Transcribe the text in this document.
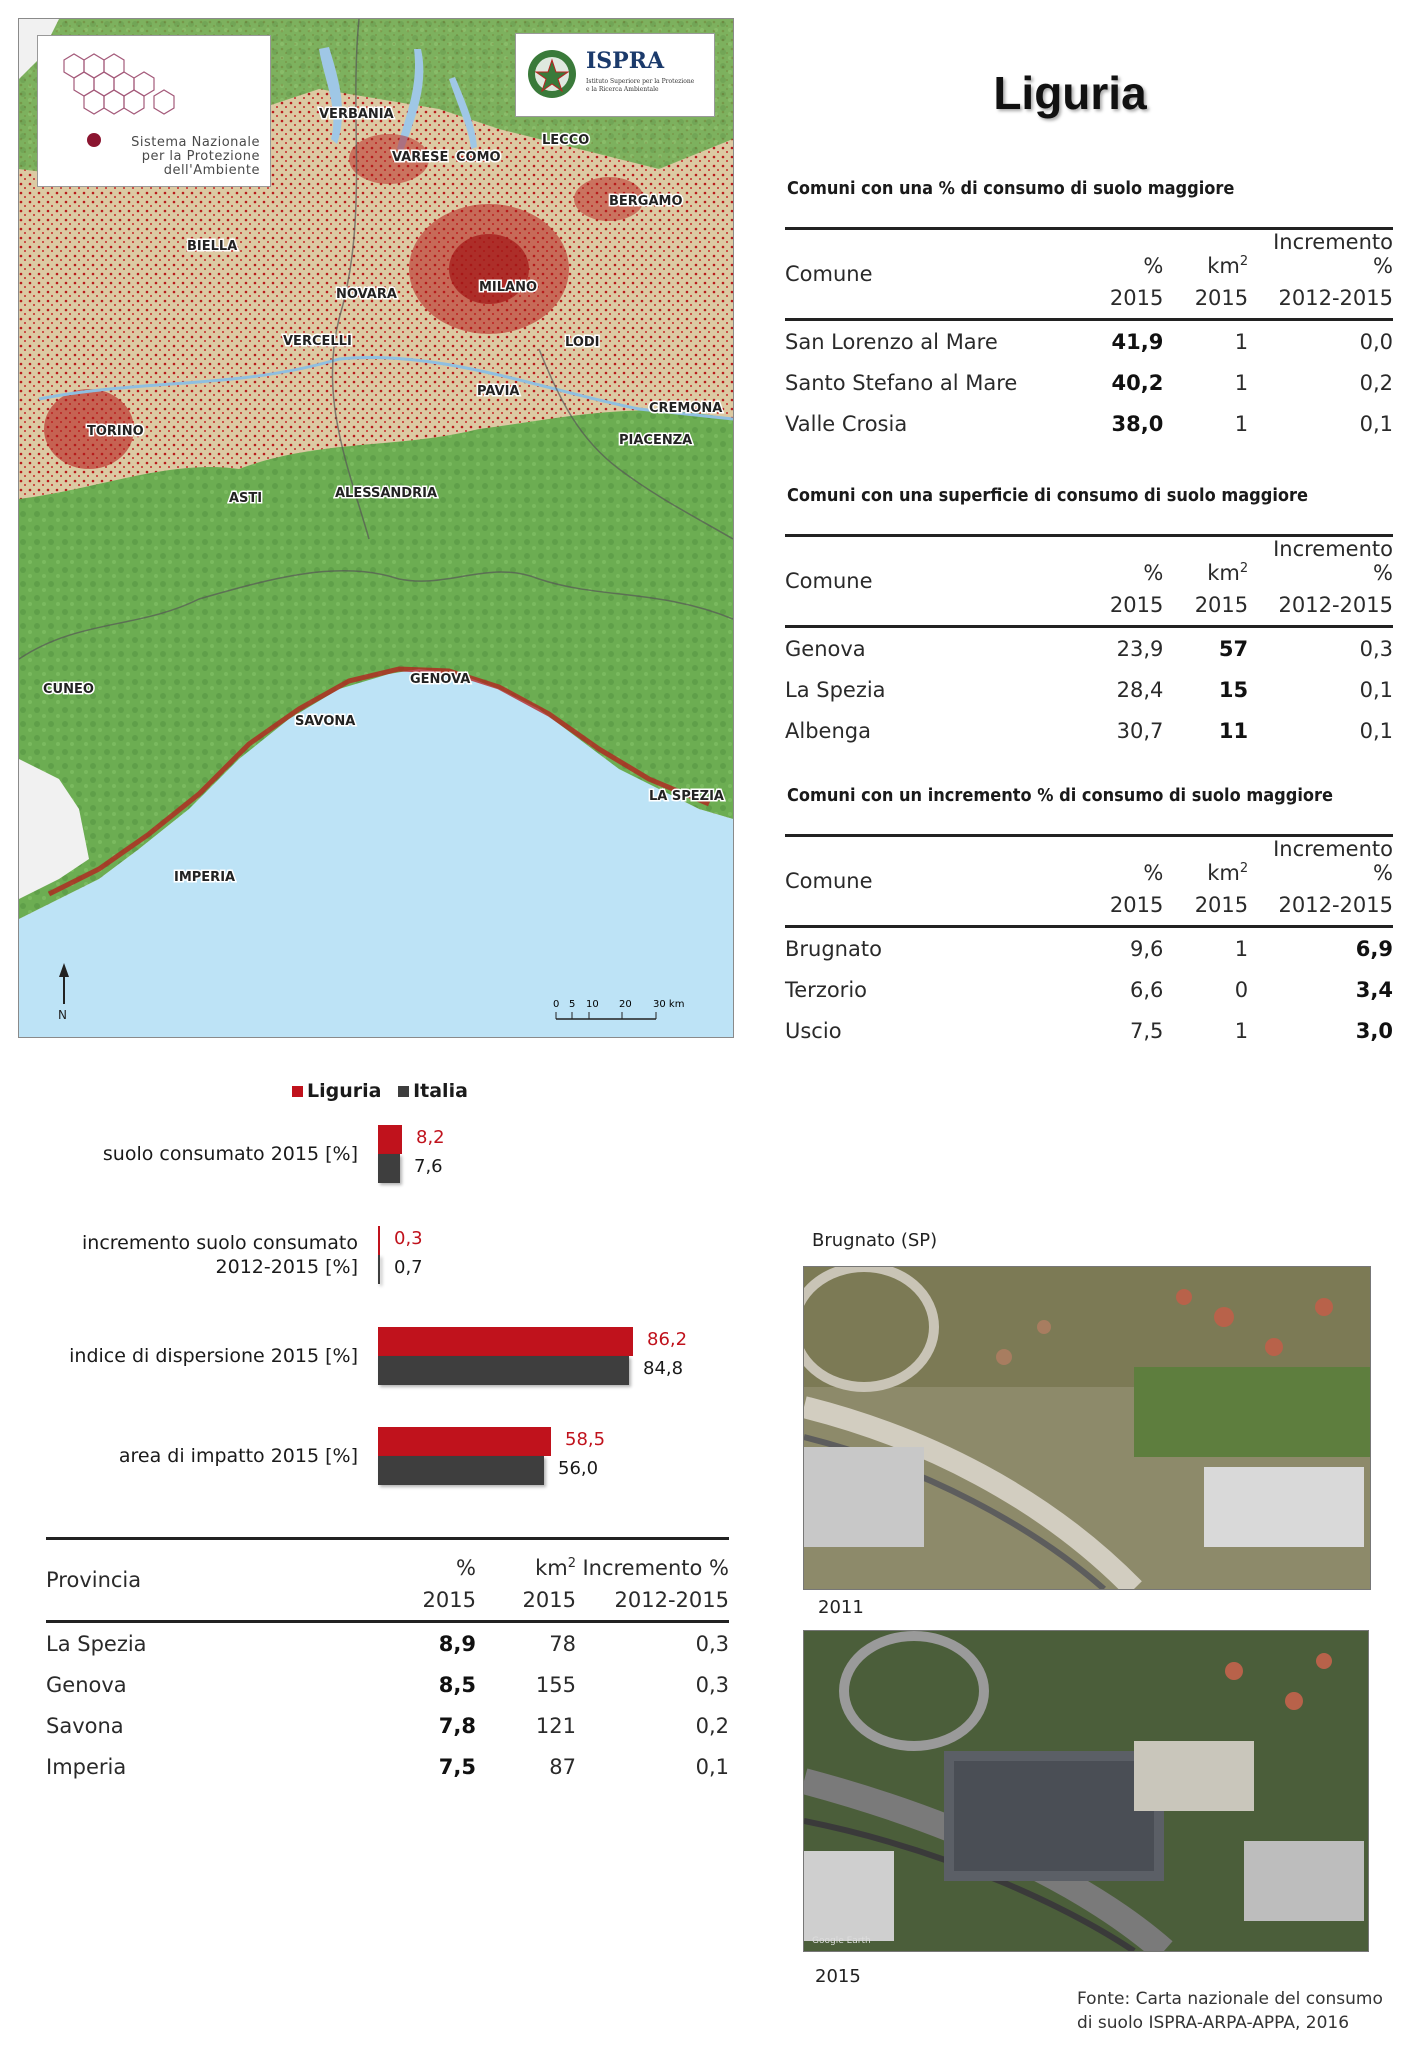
VERBANIA
VARESE COMO
LECCO
BERGAMO
BIELLA
NOVARA	MILANO
VERCELLI	LODI
PAVIA
CREMONA
TORINO
PIACENZA
ASTI	ALESSANDRIA
CUNEO
GENOVA
SAVONA
LA SPEZIA
IMPERIA
N
0 5 10 20 30 km
Sistema Nazionale
per la Protezione
dell'Ambiente
ISPRA
Istituto Superiore per la Protezione
e la Ricerca Ambientale	Liguria
Comuni con una % di consumo di suolo maggiore
Comune	%	$km^2$	Incremento %
	2015	2015	2012-2015
San Lorenzo al Mare	41,9	1	0,0
Santo Stefano al Mare	40,2	1	0,2
Valle Crosia	38,0	1	0,1
Comuni con una superficie di consumo di suolo maggiore
Comune	%	$km^2$	Incremento %
	2015	2015	2012-2015
Genova	23,9	57	0,3
La Spezia	28,4	15	0,1
Albenga	30,7	11	0,1
Comuni con un incremento % di consumo di suolo maggiore
Comune	%	$km^2$	Incremento %
	2015	2015	2012-2015
Brugnato	9,6	1	6,9
Terzorio	6,6	0	3,4
Uscio	7,5	1	3,0
Liguria Italia
suolo consumato 2015 [%]
8,2
7,6
incremento suolo consumato
2012-2015 [%]
0,3
0,7
indice di dispersione 2015 [%]
86,2
84,8
area di impatto 2015 [%]
58,5
56,0
Provincia	%	$km^2$	Incremento %
	2015	2015	2012-2015
La Spezia	8,9	78	0,3
Genova	8,5	155	0,3
Savona	7,8	121	0,2
Imperia	7,5	87	0,1
Brugnato (SP)
2011
Google Earth
2015
Fonte: Carta nazionale del consumo
di suolo ISPRA-ARPA-APPA, 2016
